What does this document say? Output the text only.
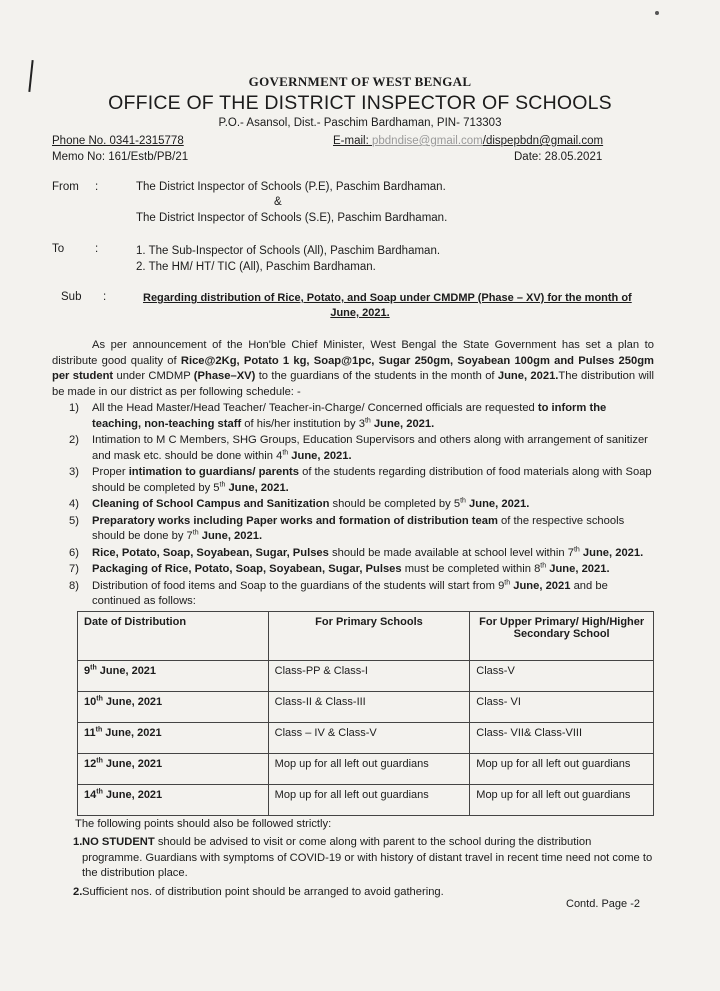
GOVERNMENT OF WEST BENGAL
OFFICE OF THE DISTRICT INSPECTOR OF SCHOOLS
P.O.- Asansol, Dist.- Paschim Bardhaman, PIN- 713303
Phone No. 0341-2315778	E-mail: pbdndise@gmail.com/dispepbdn@gmail.com
Memo No: 161/Estb/PB/21	Date: 28.05.2021
From :	The District Inspector of Schools (P.E), Paschim Bardhaman.
&
The District Inspector of Schools (S.E), Paschim Bardhaman.
To	:	1. The Sub-Inspector of Schools (All), Paschim Bardhaman.
2. The HM/ HT/ TIC (All), Paschim Bardhaman.
Sub :	Regarding distribution of Rice, Potato, and Soap under CMDMP (Phase – XV) for the month of
June, 2021.
As per announcement of the Hon'ble Chief Minister, West Bengal the State Government has set a plan to distribute good quality of Rice@2Kg, Potato 1 kg, Soap@1pc, Sugar 250gm, Soyabean 100gm and Pulses 250gm per student under CMDMP (Phase–XV) to the guardians of the students in the month of June, 2021.The distribution will be made in our district as per following schedule: -
1) All the Head Master/Head Teacher/ Teacher-in-Charge/ Concerned officials are requested to inform the teaching, non-teaching staff of his/her institution by 3th June, 2021.
2) Intimation to M C Members, SHG Groups, Education Supervisors and others along with arrangement of sanitizer and mask etc. should be done within 4th June, 2021.
3) Proper intimation to guardians/ parents of the students regarding distribution of food materials along with Soap should be completed by 5th June, 2021.
4) Cleaning of School Campus and Sanitization should be completed by 5th June, 2021.
5) Preparatory works including Paper works and formation of distribution team of the respective schools should be done by 7th June, 2021.
6) Rice, Potato, Soap, Soyabean, Sugar, Pulses should be made available at school level within 7th June, 2021.
7) Packaging of Rice, Potato, Soap, Soyabean, Sugar, Pulses must be completed within 8th June, 2021.
8) Distribution of food items and Soap to the guardians of the students will start from 9th June, 2021 and be continued as follows:
Date of Distribution	For Primary Schools	For Upper Primary/ High/Higher Secondary School
9th June, 2021	Class-PP & Class-I	Class-V
10th June, 2021	Class-II & Class-III	Class- VI
11th June, 2021	Class – IV & Class-V	Class- VII& Class-VIII
12th June, 2021	Mop up for all left out guardians	Mop up for all left out guardians
14th June, 2021	Mop up for all left out guardians	Mop up for all left out guardians
The following points should also be followed strictly:
1. NO STUDENT should be advised to visit or come along with parent to the school during the distribution programme. Guardians with symptoms of COVID-19 or with history of distant travel in recent time need not come to the distribution place.
2. Sufficient nos. of distribution point should be arranged to avoid gathering.
Contd. Page -2
